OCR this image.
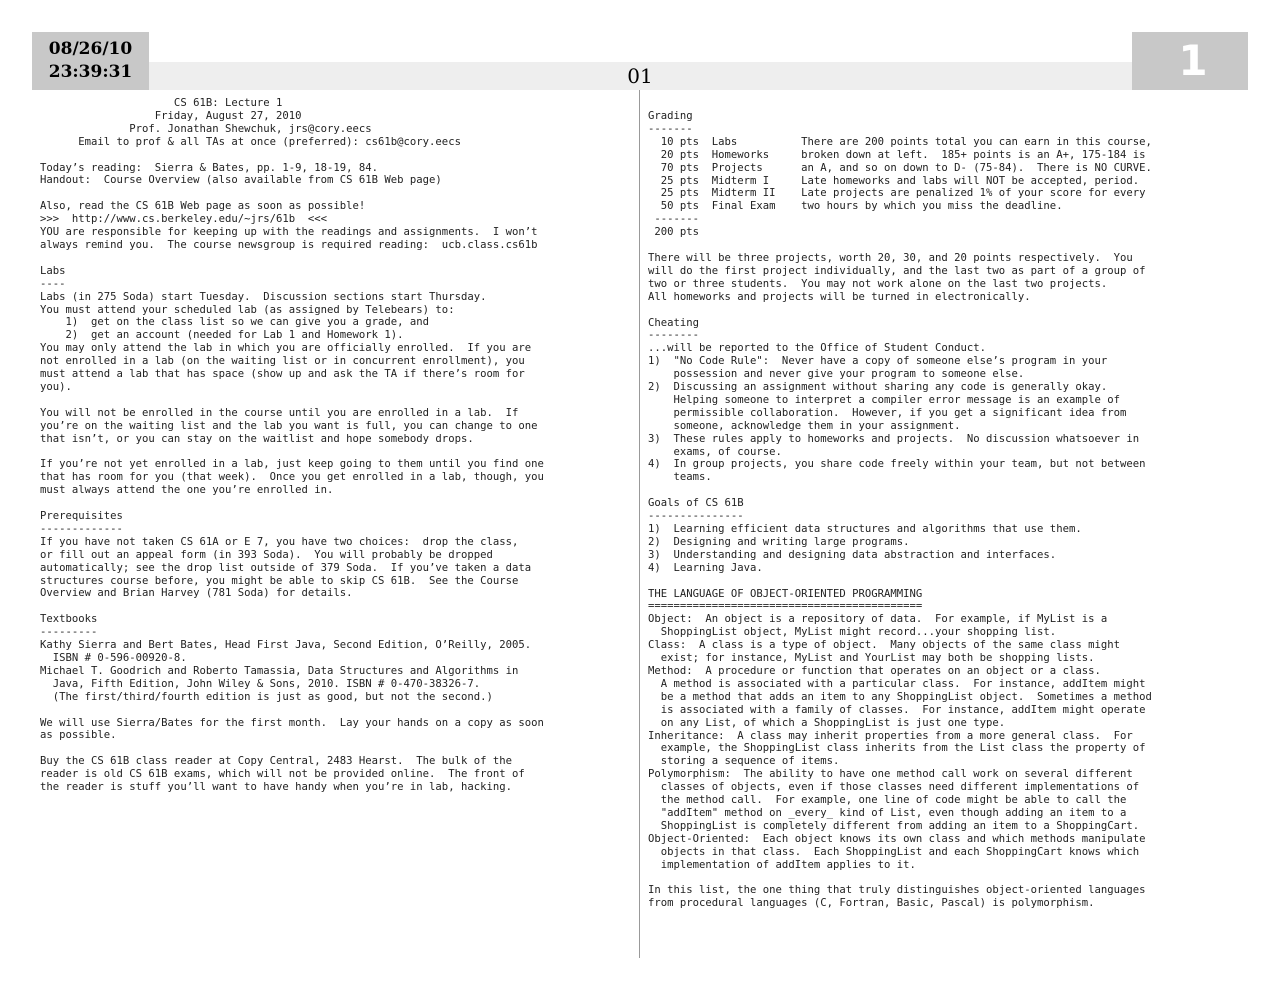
08/26/10
23:39:31	01	1
CS 61B: Lecture 1
Friday, August 27, 2010
Prof. Jonathan Shewchuk, jrs@cory.eecs
Email to prof & all TAs at once (preferred): cs61b@cory.eecs

Today’s reading:  Sierra & Bates, pp. 1-9, 18-19, 84.
Handout:  Course Overview (also available from CS 61B Web page)

Also, read the CS 61B Web page as soon as possible!
>>>  http://www.cs.berkeley.edu/~jrs/61b  <<<
YOU are responsible for keeping up with the readings and assignments.  I won’t
always remind you.  The course newsgroup is required reading:  ucb.class.cs61b

Labs
----
Labs (in 275 Soda) start Tuesday.  Discussion sections start Thursday.
You must attend your scheduled lab (as assigned by Telebears) to:
1)  get on the class list so we can give you a grade, and
2)  get an account (needed for Lab 1 and Homework 1).
You may only attend the lab in which you are officially enrolled.  If you are
not enrolled in a lab (on the waiting list or in concurrent enrollment), you
must attend a lab that has space (show up and ask the TA if there’s room for
you).

You will not be enrolled in the course until you are enrolled in a lab.  If
you’re on the waiting list and the lab you want is full, you can change to one
that isn’t, or you can stay on the waitlist and hope somebody drops.

If you’re not yet enrolled in a lab, just keep going to them until you find one
that has room for you (that week).  Once you get enrolled in a lab, though, you
must always attend the one you’re enrolled in.

Prerequisites
-------------
If you have not taken CS 61A or E 7, you have two choices:  drop the class,
or fill out an appeal form (in 393 Soda).  You will probably be dropped
automatically; see the drop list outside of 379 Soda.  If you’ve taken a data
structures course before, you might be able to skip CS 61B.  See the Course
Overview and Brian Harvey (781 Soda) for details.

Textbooks
---------
Kathy Sierra and Bert Bates, Head First Java, Second Edition, O’Reilly, 2005.
ISBN # 0-596-00920-8.
Michael T. Goodrich and Roberto Tamassia, Data Structures and Algorithms in
Java, Fifth Edition, John Wiley & Sons, 2010. ISBN # 0-470-38326-7.
(The first/third/fourth edition is just as good, but not the second.)

We will use Sierra/Bates for the first month.  Lay your hands on a copy as soon
as possible.

Buy the CS 61B class reader at Copy Central, 2483 Hearst.  The bulk of the
reader is old CS 61B exams, which will not be provided online.  The front of
the reader is stuff you’ll want to have handy when you’re in lab, hacking.
Grading
-------
10 pts  Labs          There are 200 points total you can earn in this course,
20 pts  Homeworks     broken down at left.  185+ points is an A+, 175-184 is
70 pts  Projects      an A, and so on down to D- (75-84).  There is NO CURVE.
25 pts  Midterm I     Late homeworks and labs will NOT be accepted, period.
25 pts  Midterm II    Late projects are penalized 1% of your score for every
50 pts  Final Exam    two hours by which you miss the deadline.
-------
200 pts

There will be three projects, worth 20, 30, and 20 points respectively.  You
will do the first project individually, and the last two as part of a group of
two or three students.  You may not work alone on the last two projects.
All homeworks and projects will be turned in electronically.

Cheating
--------
...will be reported to the Office of Student Conduct.
1)  "No Code Rule":  Never have a copy of someone else’s program in your
possession and never give your program to someone else.
2)  Discussing an assignment without sharing any code is generally okay.
Helping someone to interpret a compiler error message is an example of
permissible collaboration.  However, if you get a significant idea from
someone, acknowledge them in your assignment.
3)  These rules apply to homeworks and projects.  No discussion whatsoever in
exams, of course.
4)  In group projects, you share code freely within your team, but not between
teams.

Goals of CS 61B
---------------
1)  Learning efficient data structures and algorithms that use them.
2)  Designing and writing large programs.
3)  Understanding and designing data abstraction and interfaces.
4)  Learning Java.

THE LANGUAGE OF OBJECT-ORIENTED PROGRAMMING
===========================================
Object:  An object is a repository of data.  For example, if MyList is a
ShoppingList object, MyList might record...your shopping list.
Class:  A class is a type of object.  Many objects of the same class might
exist; for instance, MyList and YourList may both be shopping lists.
Method:  A procedure or function that operates on an object or a class.
A method is associated with a particular class.  For instance, addItem might
be a method that adds an item to any ShoppingList object.  Sometimes a method
is associated with a family of classes.  For instance, addItem might operate
on any List, of which a ShoppingList is just one type.
Inheritance:  A class may inherit properties from a more general class.  For
example, the ShoppingList class inherits from the List class the property of
storing a sequence of items.
Polymorphism:  The ability to have one method call work on several different
classes of objects, even if those classes need different implementations of
the method call.  For example, one line of code might be able to call the
"addItem" method on _every_ kind of List, even though adding an item to a
ShoppingList is completely different from adding an item to a ShoppingCart.
Object-Oriented:  Each object knows its own class and which methods manipulate
objects in that class.  Each ShoppingList and each ShoppingCart knows which
implementation of addItem applies to it.

In this list, the one thing that truly distinguishes object-oriented languages
from procedural languages (C, Fortran, Basic, Pascal) is polymorphism.
